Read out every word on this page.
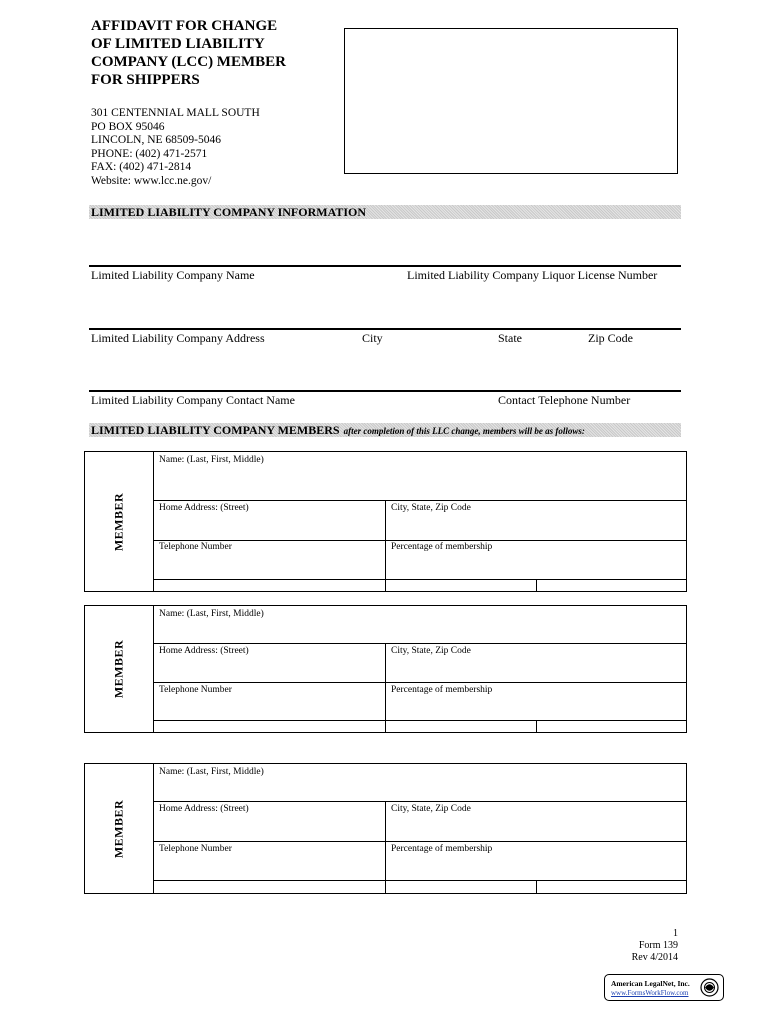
AFFIDAVIT FOR CHANGE
OF LIMITED LIABILITY
COMPANY (LCC) MEMBER
FOR SHIPPERS
301 CENTENNIAL MALL SOUTH
PO BOX 95046
LINCOLN, NE 68509-5046
PHONE: (402) 471-2571
FAX: (402) 471-2814
Website: www.lcc.ne.gov/
LIMITED LIABILITY COMPANY INFORMATION
Limited Liability Company Name	Limited Liability Company Liquor License Number
Limited Liability Company Address	City	State	Zip Code
Limited Liability Company Contact Name	Contact Telephone Number
LIMITED LIABILITY COMPANY MEMBERS after completion of this LLC change, members will be as follows:
MEMBER
Name: (Last, First, Middle)
Home Address: (Street)	City, State, Zip Code
Telephone Number	Percentage of membership
MEMBER
Name: (Last, First, Middle)
Home Address: (Street)	City, State, Zip Code
Telephone Number	Percentage of membership
MEMBER
Name: (Last, First, Middle)
Home Address: (Street)	City, State, Zip Code
Telephone Number	Percentage of membership
1
Form 139
Rev 4/2014
American LegalNet, Inc.
www.FormsWorkFlow.com
